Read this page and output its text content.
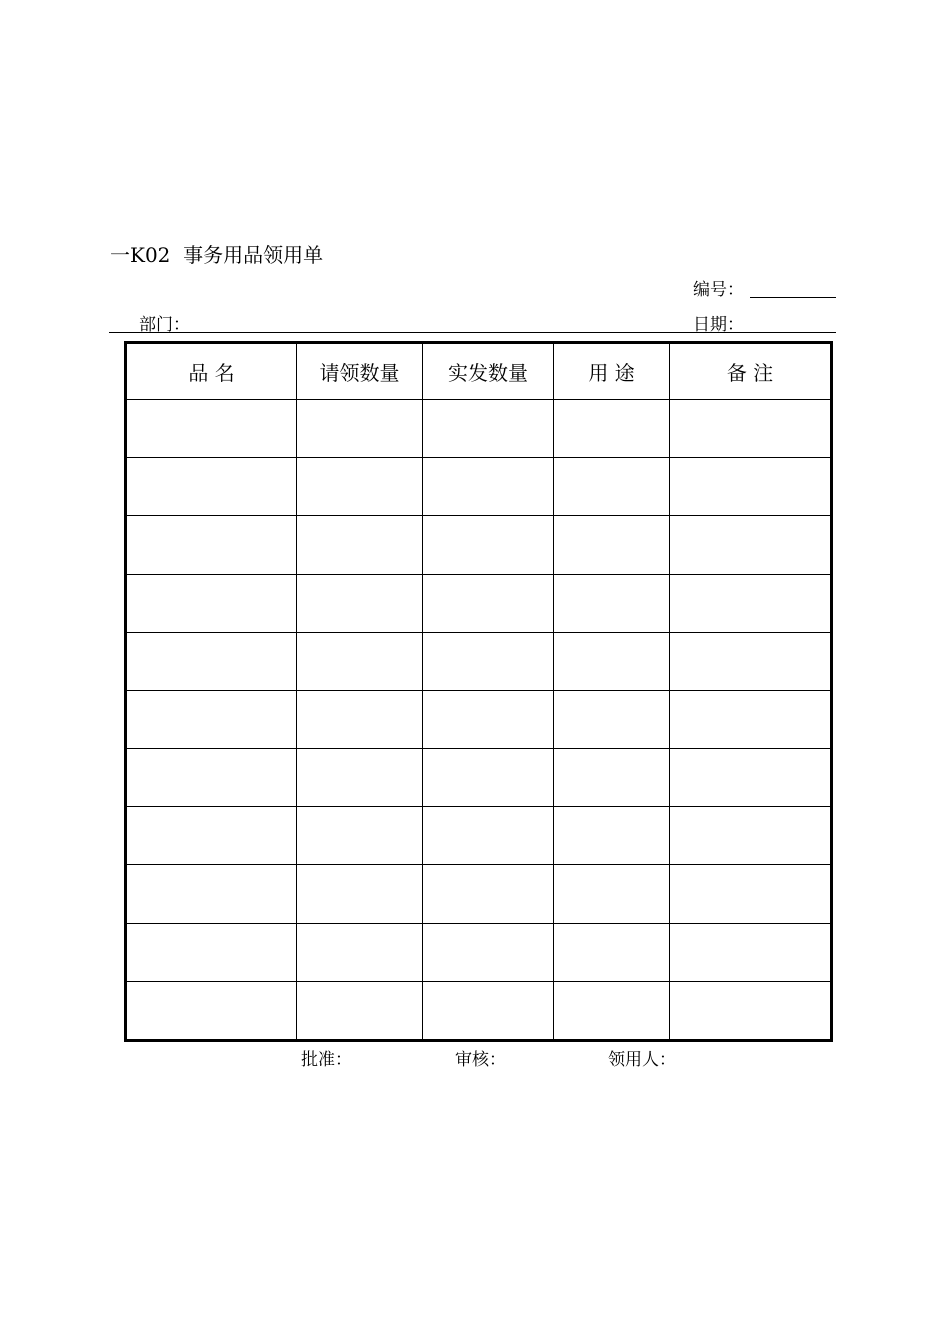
一K02  事务用品领用单
编号：
部门：	日期：
品 名	请领数量	实发数量	用 途	备 注

批准：	审核：	领用人：
